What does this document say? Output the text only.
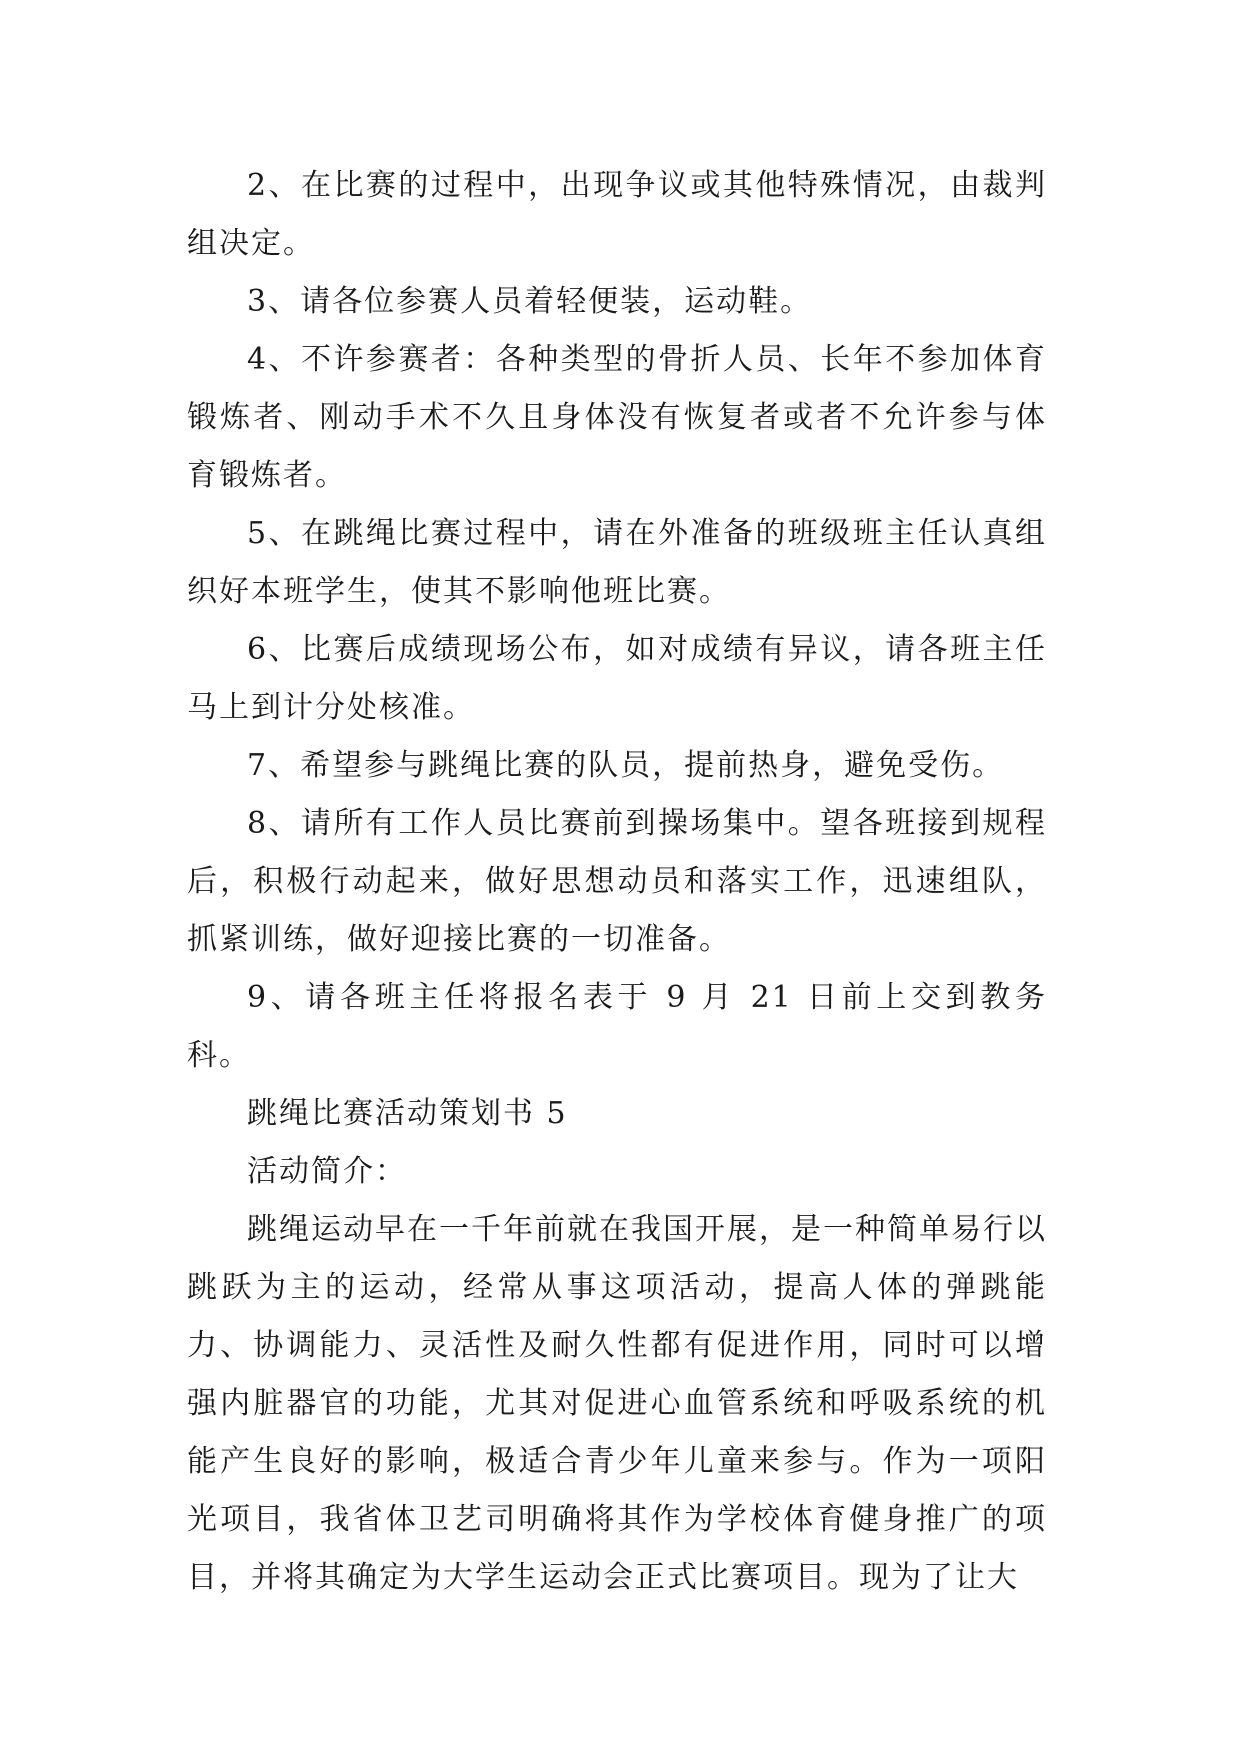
2、在比赛的过程中，出现争议或其他特殊情况，由裁判组决定。

3、请各位参赛人员着轻便装，运动鞋。

4、不许参赛者：各种类型的骨折人员、长年不参加体育锻炼者、刚动手术不久且身体没有恢复者或者不允许参与体育锻炼者。

5、在跳绳比赛过程中，请在外准备的班级班主任认真组织好本班学生，使其不影响他班比赛。

6、比赛后成绩现场公布，如对成绩有异议，请各班主任马上到计分处核准。

7、希望参与跳绳比赛的队员，提前热身，避免受伤。

8、请所有工作人员比赛前到操场集中。望各班接到规程后，积极行动起来，做好思想动员和落实工作，迅速组队，抓紧训练，做好迎接比赛的一切准备。

9、请各班主任将报名表于 9 月 21 日前上交到教务科。

跳绳比赛活动策划书 5

活动简介：

跳绳运动早在一千年前就在我国开展，是一种简单易行以跳跃为主的运动，经常从事这项活动，提高人体的弹跳能力、协调能力、灵活性及耐久性都有促进作用，同时可以增强内脏器官的功能，尤其对促进心血管系统和呼吸系统的机能产生良好的影响，极适合青少年儿童来参与。作为一项阳光项目，我省体卫艺司明确将其作为学校体育健身推广的项目，并将其确定为大学生运动会正式比赛项目。现为了让大
